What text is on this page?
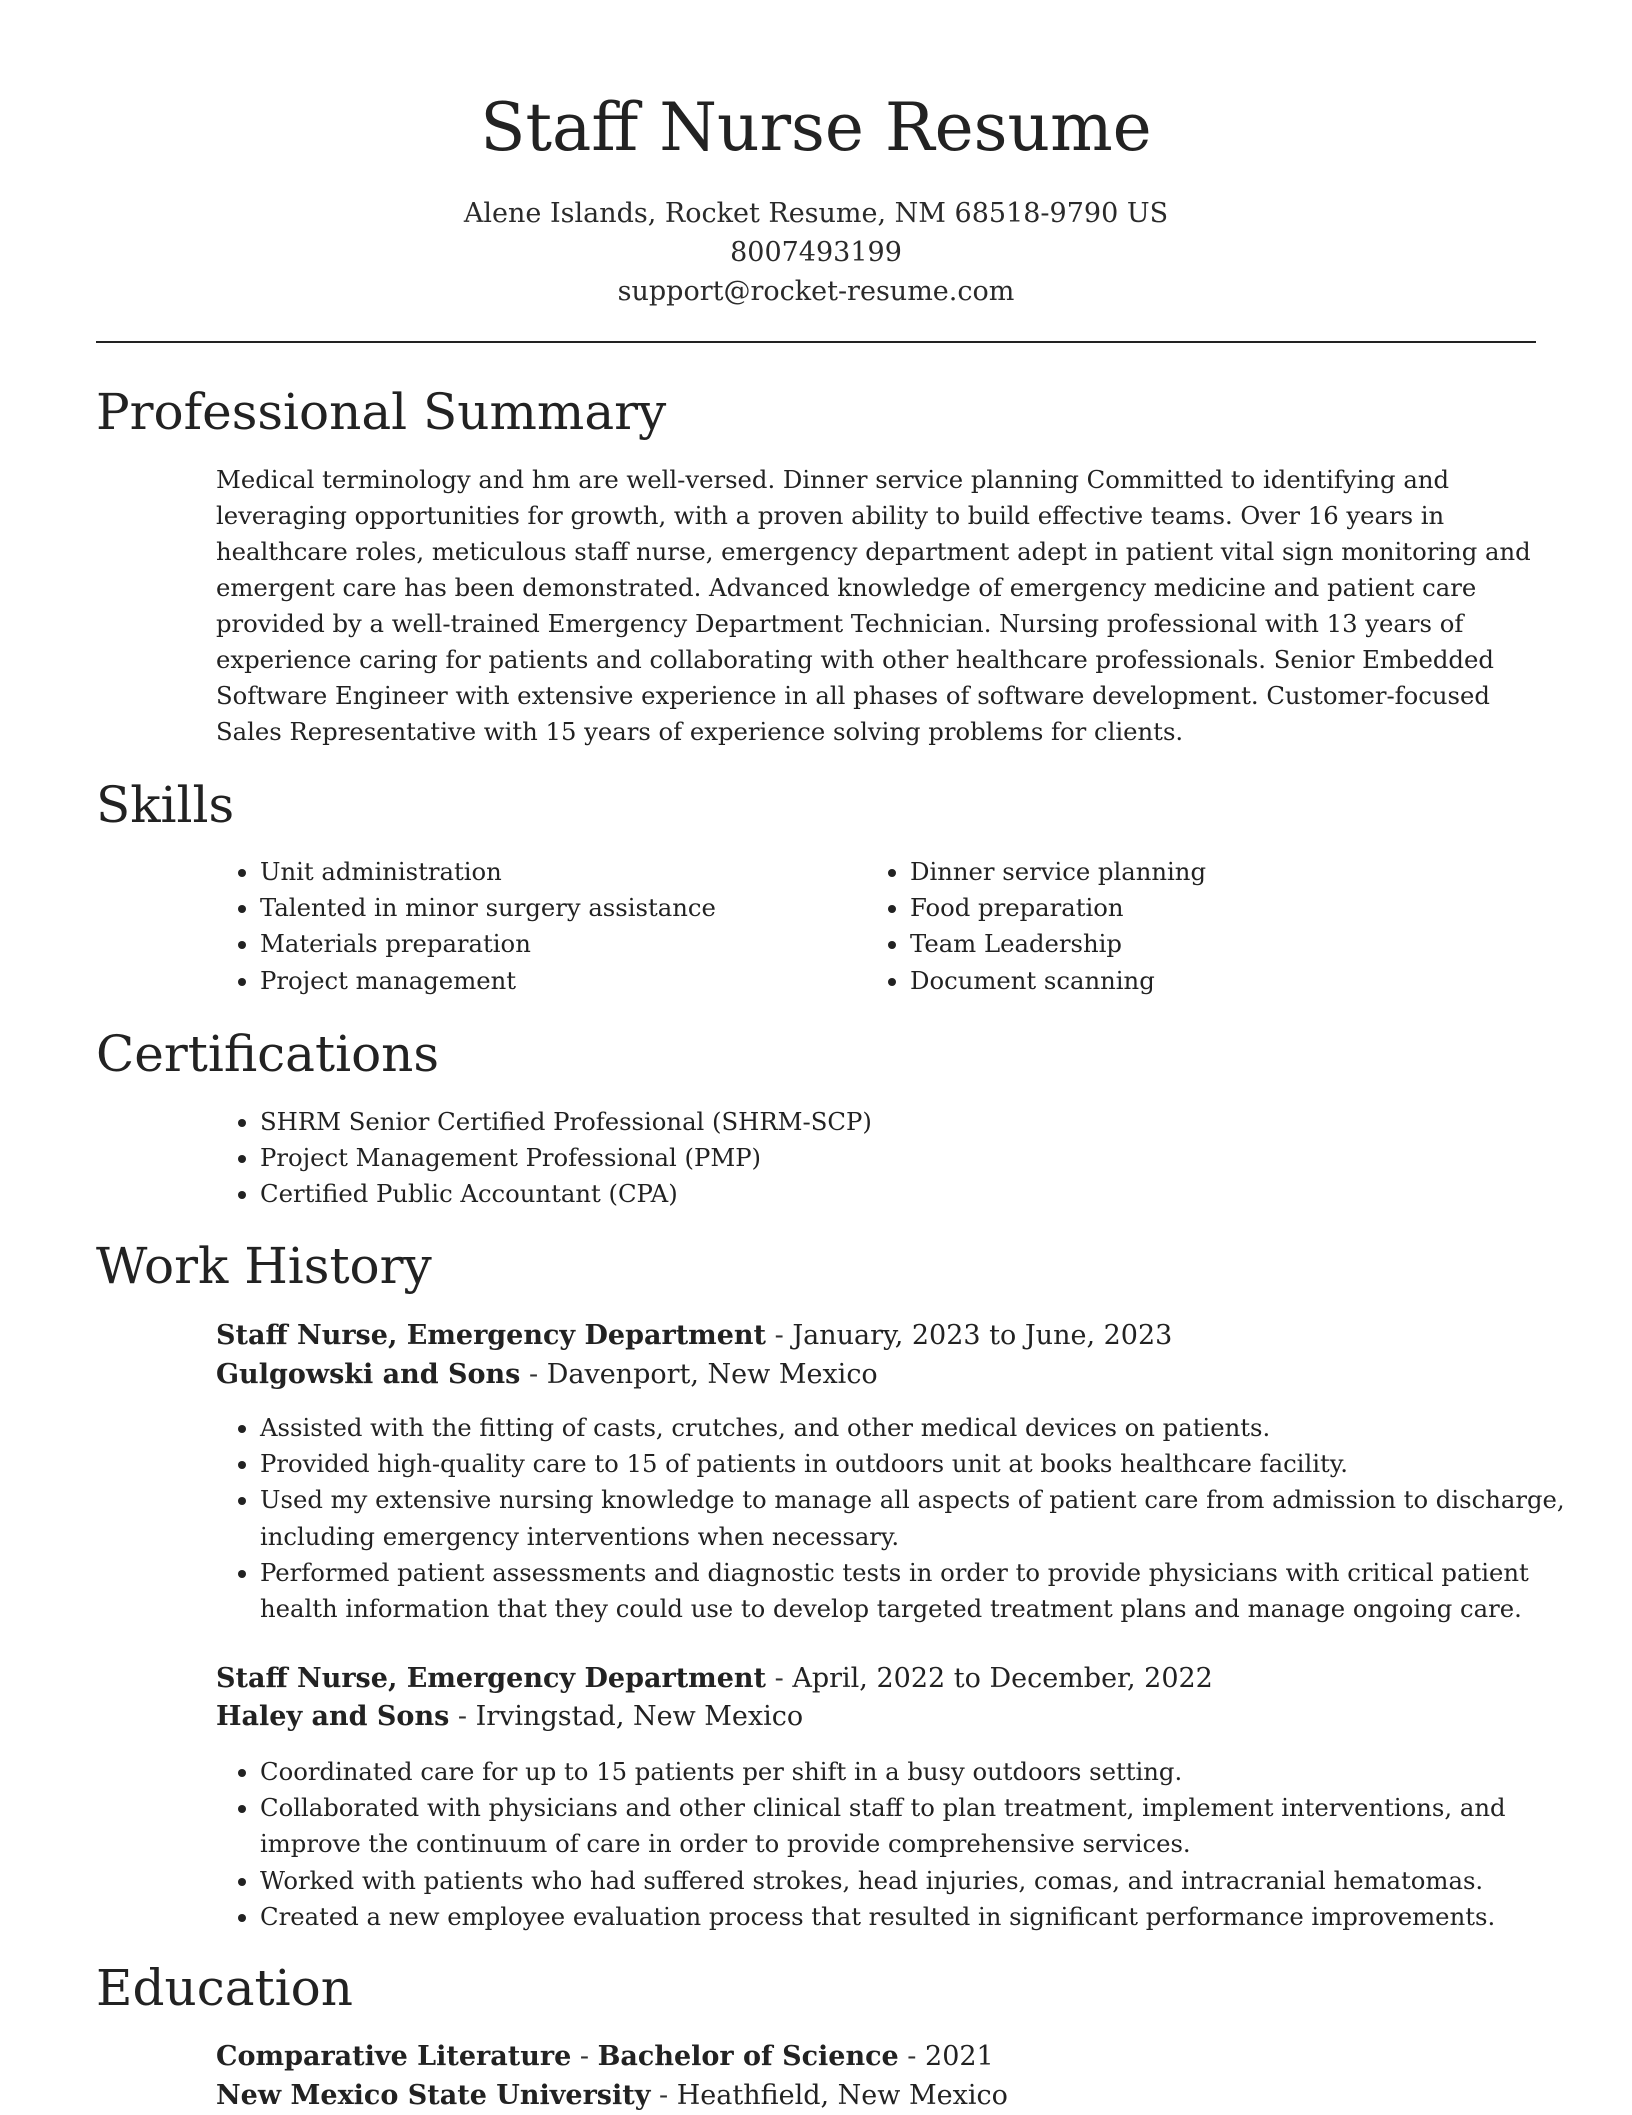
Staff Nurse Resume
Alene Islands, Rocket Resume, NM 68518-9790 US
8007493199
support@rocket-resume.com
Professional Summary

Medical terminology and hm are well-versed. Dinner service planning Committed to identifying and leveraging opportunities for growth, with a proven ability to build effective teams. Over 16 years in healthcare roles, meticulous staff nurse, emergency department adept in patient vital sign monitoring and emergent care has been demonstrated. Advanced knowledge of emergency medicine and patient care provided by a well-trained Emergency Department Technician. Nursing professional with 13 years of experience caring for patients and collaborating with other healthcare professionals. Senior Embedded Software Engineer with extensive experience in all phases of software development. Customer-focused Sales Representative with 15 years of experience solving problems for clients.

Skills
• Unit administration
• Talented in minor surgery assistance
• Materials preparation
• Project management
• Dinner service planning
• Food preparation
• Team Leadership
• Document scanning
Certifications
• SHRM Senior Certified Professional (SHRM-SCP)
• Project Management Professional (PMP)
• Certified Public Accountant (CPA)
Work History
Staff Nurse, Emergency Department - January, 2023 to June, 2023
Gulgowski and Sons - Davenport, New Mexico
• Assisted with the fitting of casts, crutches, and other medical devices on patients.
• Provided high-quality care to 15 of patients in outdoors unit at books healthcare facility.
• Used my extensive nursing knowledge to manage all aspects of patient care from admission to discharge, including emergency interventions when necessary.
• Performed patient assessments and diagnostic tests in order to provide physicians with critical patient health information that they could use to develop targeted treatment plans and manage ongoing care.
Staff Nurse, Emergency Department - April, 2022 to December, 2022
Haley and Sons - Irvingstad, New Mexico
• Coordinated care for up to 15 patients per shift in a busy outdoors setting.
• Collaborated with physicians and other clinical staff to plan treatment, implement interventions, and improve the continuum of care in order to provide comprehensive services.
• Worked with patients who had suffered strokes, head injuries, comas, and intracranial hematomas.
• Created a new employee evaluation process that resulted in significant performance improvements.
Education
Comparative Literature - Bachelor of Science - 2021
New Mexico State University - Heathfield, New Mexico
